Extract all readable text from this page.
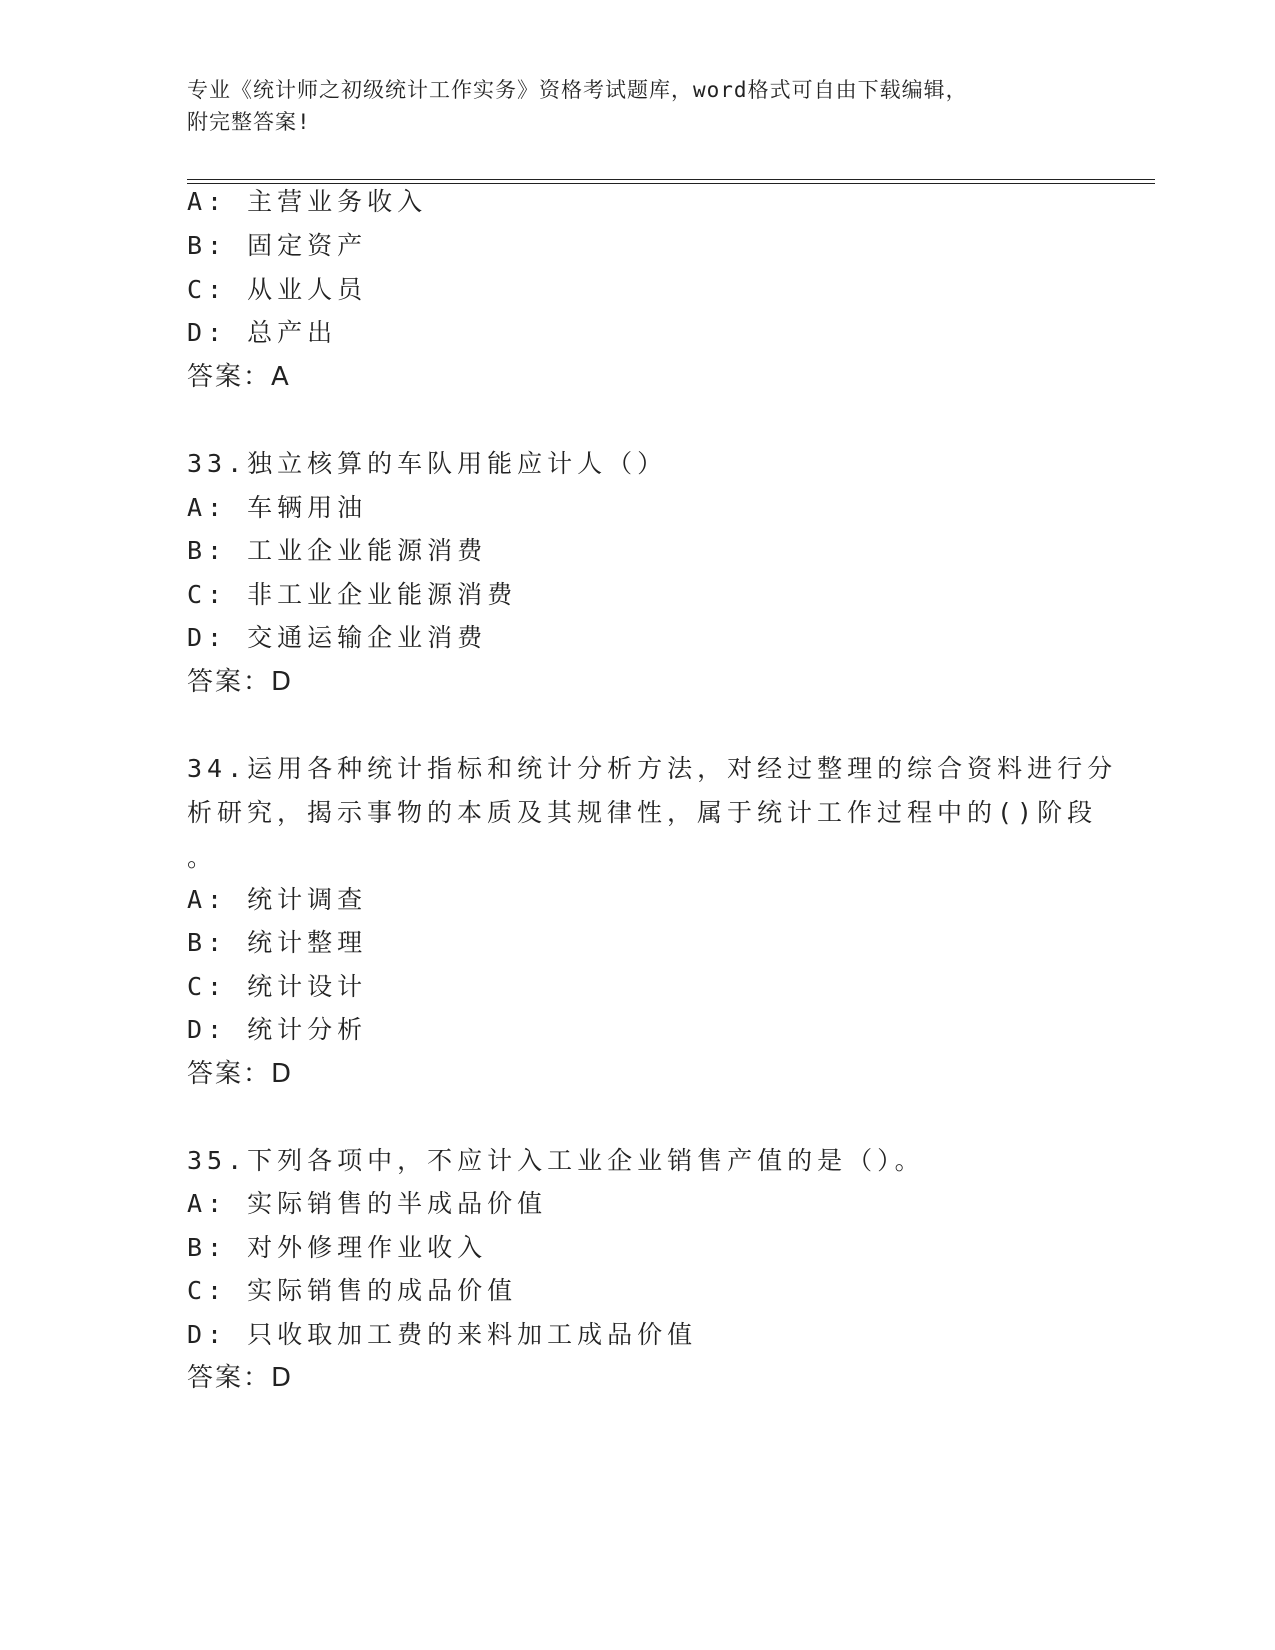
专业《统计师之初级统计工作实务》资格考试题库，word格式可自由下载编辑，
附完整答案!
A: 主营业务收入
B: 固定资产
C: 从业人员
D: 总产出
答案：A
33.独立核算的车队用能应计人（）
A: 车辆用油
B: 工业企业能源消费
C: 非工业企业能源消费
D: 交通运输企业消费
答案：D
34.运用各种统计指标和统计分析方法，对经过整理的综合资料进行分
析研究，揭示事物的本质及其规律性，属于统计工作过程中的()阶段
。
A: 统计调查
B: 统计整理
C: 统计设计
D: 统计分析
答案：D
35.下列各项中，不应计入工业企业销售产值的是（）。
A: 实际销售的半成品价值
B: 对外修理作业收入
C: 实际销售的成品价值
D: 只收取加工费的来料加工成品价值
答案：D
